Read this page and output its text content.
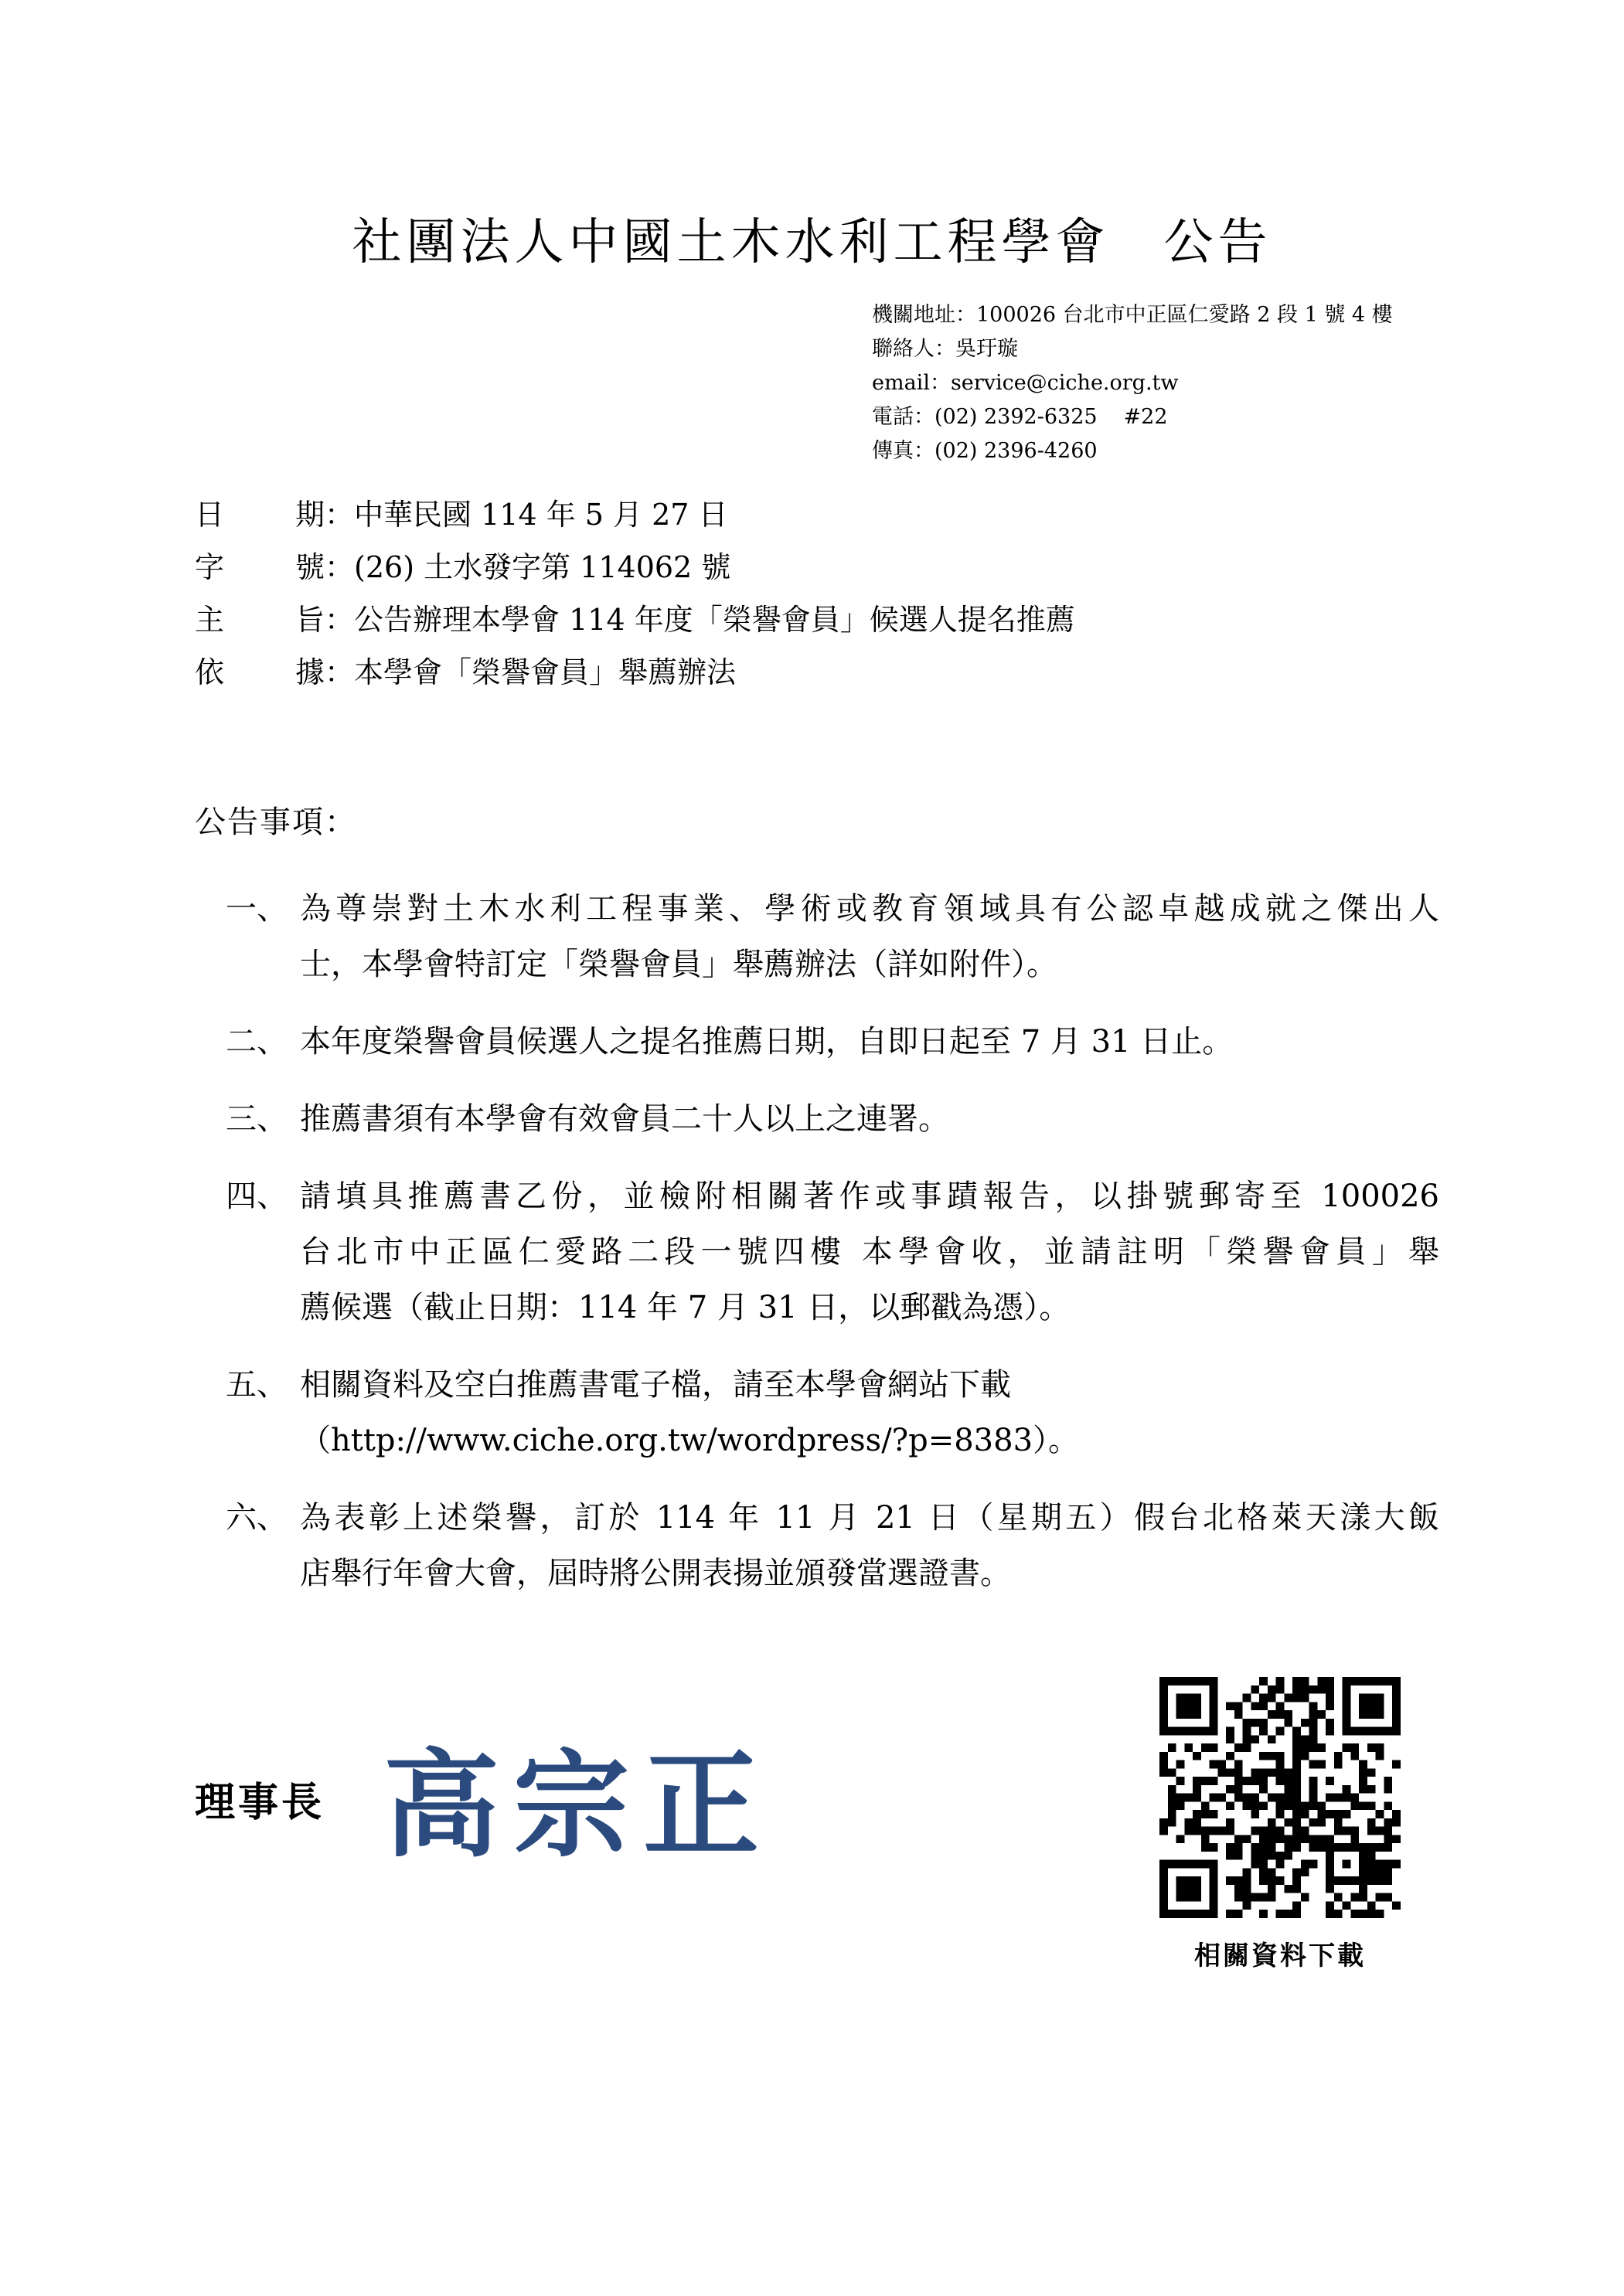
社團法人中國土木水利工程學會 公告
機關地址：100026 台北市中正區仁愛路 2 段 1 號 4 樓
聯絡人：吳玗璇
email：service@ciche.org.tw
電話：(02) 2392-6325 #22
傳真：(02) 2396-4260
日	期 ：中華民國 114 年 5 月 27 日
字	號 ：(26) 土水發字第 114062 號
主	旨 ：公告辦理本學會 114 年度「榮譽會員」候選人提名推薦
依	據 ：本學會「榮譽會員」舉薦辦法
公告事項：
一、 為尊崇對土木水利工程事業、學術或教育領域具有公認卓越成就之傑出人
士，本學會特訂定「榮譽會員」舉薦辦法（詳如附件）。
二、 本年度榮譽會員候選人之提名推薦日期，自即日起至 7 月 31 日止。
三、 推薦書須有本學會有效會員二十人以上之連署。
四、 請填具推薦書乙份，並檢附相關著作或事蹟報告，以掛號郵寄至 100026
台北市中正區仁愛路二段一號四樓 本學會收，並請註明「榮譽會員」舉
薦候選（截止日期：114 年 7 月 31 日，以郵戳為憑）。
五、 相關資料及空白推薦書電子檔，請至本學會網站下載
（http://www.ciche.org.tw/wordpress/?p=8383）。
六、 為表彰上述榮譽，訂於 114 年 11 月 21 日（星期五）假台北格萊天漾大飯
店舉行年會大會，屆時將公開表揚並頒發當選證書。
理事長 高宗正
相關資料下載
